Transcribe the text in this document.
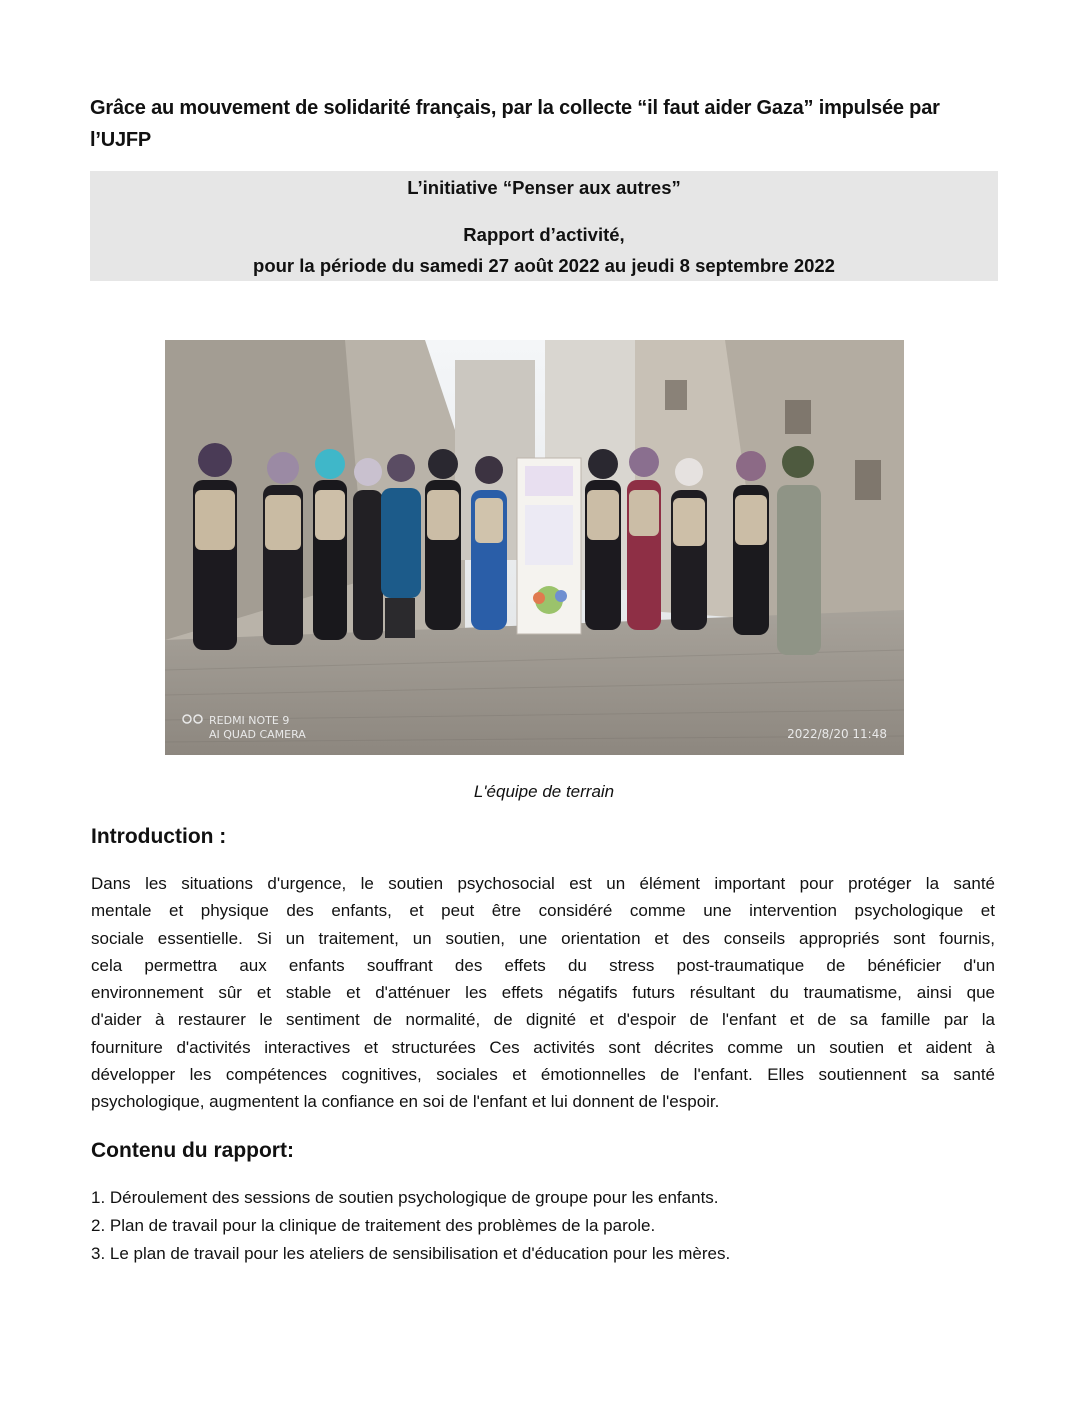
Grâce au mouvement de solidarité français, par la collecte “il faut aider Gaza” impulsée par l’UJFP
L’initiative “Penser aux autres”
Rapport d’activité,
pour la période du samedi 27 août 2022 au jeudi 8 septembre 2022
REDMI NOTE 9
AI QUAD CAMERA	2022/8/20 11:48
L'équipe de terrain
Introduction :
Dans les situations d'urgence, le soutien psychosocial est un élément important pour protéger la santé
mentale et physique des enfants, et peut être considéré comme une intervention psychologique et
sociale essentielle. Si un traitement, un soutien, une orientation et des conseils appropriés sont fournis,
cela permettra aux enfants souffrant des effets du stress post-traumatique de bénéficier d'un
environnement sûr et stable et d'atténuer les effets négatifs futurs résultant du traumatisme, ainsi que
d'aider à restaurer le sentiment de normalité, de dignité et d'espoir de l'enfant et de sa famille par la
fourniture d'activités interactives et structurées Ces activités sont décrites comme un soutien et aident à
développer les compétences cognitives, sociales et émotionnelles de l'enfant. Elles soutiennent sa santé
psychologique, augmentent la confiance en soi de l'enfant et lui donnent de l'espoir.
Contenu du rapport:
1. Déroulement des sessions de soutien psychologique de groupe pour les enfants.
2. Plan de travail pour la clinique de traitement des problèmes de la parole.
3. Le plan de travail pour les ateliers de sensibilisation et d'éducation pour les mères.
